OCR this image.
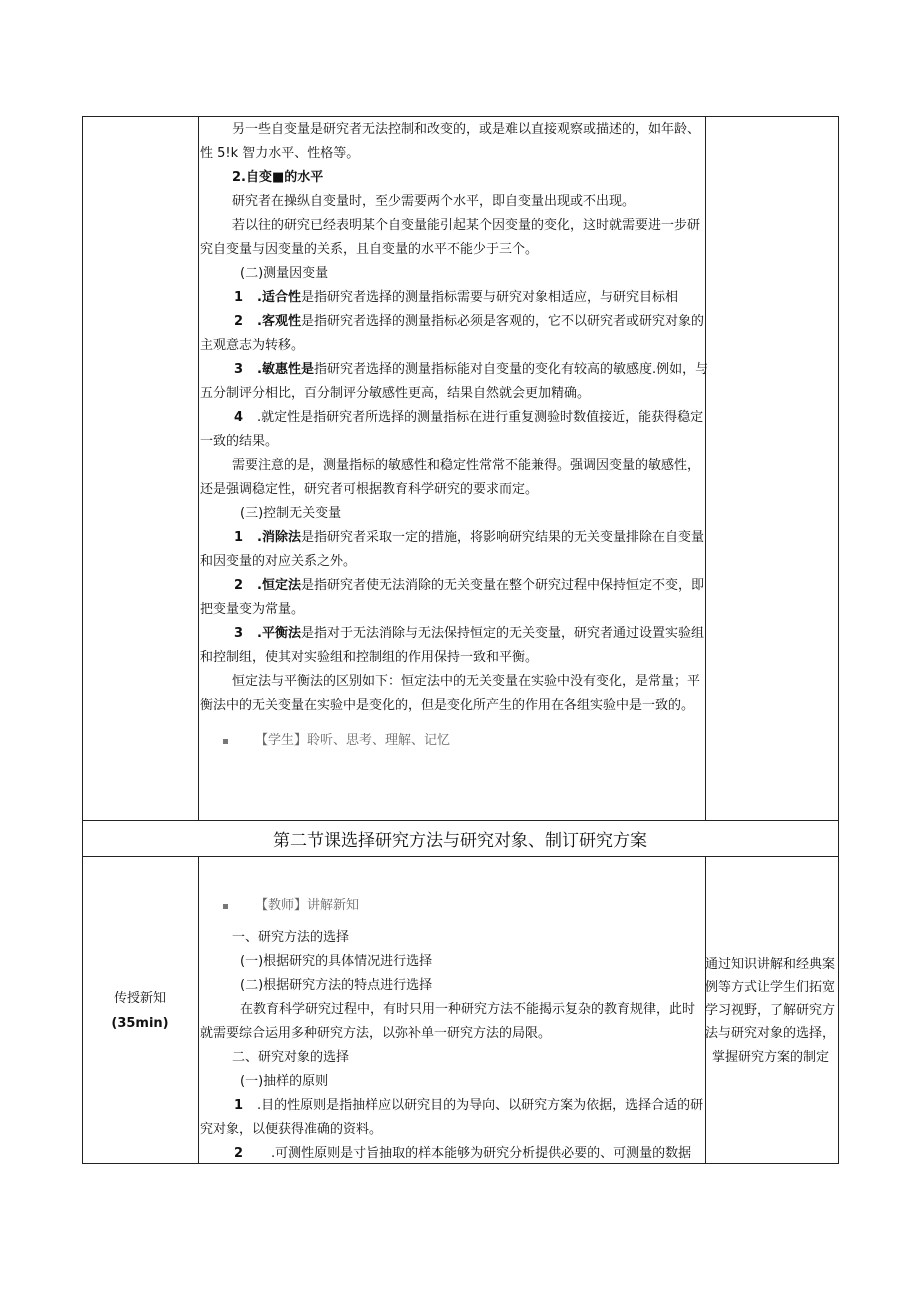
另一些自变量是研究者无法控制和改变的，或是难以直接观察或描述的，如年龄、
性 5!k 智力水平、性格等。
2.自变■的水平
研究者在操纵自变量时，至少需要两个水平，即自变量出现或不出现。
若以往的研究已经表明某个自变量能引起某个因变量的变化，这时就需要进一步研
究自变量与因变量的关系，且自变量的水平不能少于三个。
(二)测量因变量
1 .适合性是指研究者选择的测量指标需要与研究对象相适应，与研究目标相
2 .客观性是指研究者选择的测量指标必须是客观的，它不以研究者或研究对象的
主观意志为转移。
3 .敏惠性是指研究者选择的测量指标能对自变量的变化有较高的敏感度.例如，与
五分制评分相比，百分制评分敏感性更高，结果自然就会更加精确。
4 .就定性是指研究者所选择的测量指标在进行重复测验时数值接近，能获得稳定
一致的结果。
需要注意的是，测量指标的敏感性和稳定性常常不能兼得。强调因变量的敏感性，
还是强调稳定性，研究者可根据教育科学研究的要求而定。
(三)控制无关变量
1 .消除法是指研究者采取一定的措施，将影响研究结果的无关变量排除在自变量
和因变量的对应关系之外。
2 .恒定法是指研究者使无法消除的无关变量在整个研究过程中保持恒定不变，即
把变量变为常量。
3 .平衡法是指对于无法消除与无法保持恒定的无关变量，研究者通过设置实验组
和控制组，使其对实验组和控制组的作用保持一致和平衡。
恒定法与平衡法的区别如下：恒定法中的无关变量在实验中没有变化，是常量；平
衡法中的无关变量在实验中是变化的，但是变化所产生的作用在各组实验中是一致的。
【学生】聆听、思考、理解、记忆
第二节课选择研究方法与研究对象、制订研究方案
传授新知
(35min)
【教师】讲解新知
一、研究方法的选择
(一)根据研究的具体情况进行选择
(二)根据研究方法的特点进行选择
在教育科学研究过程中，有时只用一种研究方法不能揭示复杂的教育规律，此时
就需要综合运用多种研究方法，以弥补单一研究方法的局限。
二、研究对象的选择
(一)抽样的原则
1 .目的性原则是指抽样应以研究目的为导向、以研究方案为依据，选择合适的研
究对象，以便获得准确的资料。
2 .可测性原则是寸旨抽取的样本能够为研究分析提供必要的、可测量的数据
通过知识讲解和经典案
例等方式让学生们拓宽
学习视野，了解研究方
法与研究对象的选择，
掌握研究方案的制定
